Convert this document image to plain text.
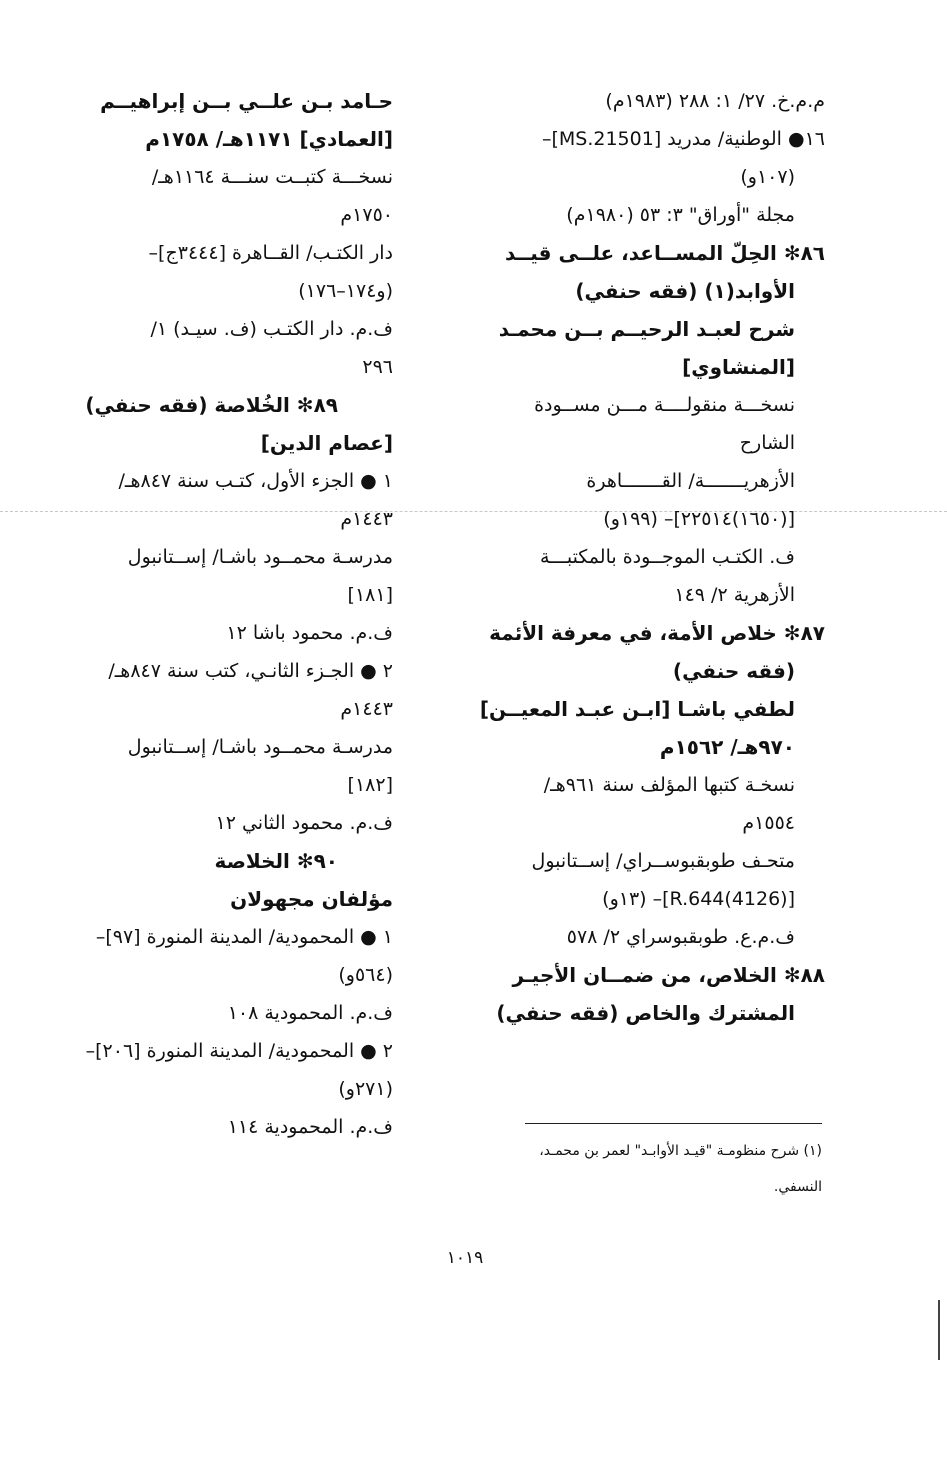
م.م.خ. ٢٧/ ١: ٢٨٨ (١٩٨٣م)
١٦● الوطنية/ مدريد [MS.21501]–
(١٠٧و)
مجلة "أوراق" ٣: ٥٣ (١٩٨٠م)
٨٦✻ الحِلّ المســاعد، علــى قيــد
الأوابد(١) (فقه حنفي)
شرح لعبـد الرحيــم بــن محمـد
[المنشاوي]
نسخـــة منقولــــة مـــن مســودة
الشارح
الأزهريـــــــة/ القـــــــاهرة
[(١٦٥٠)٢٢٥١٤]– (١٩٩و)
ف. الكتـب الموجــودة بالمكتبـــة
الأزهرية ٢/ ١٤٩
٨٧✻ خلاص الأمة، في معرفة الأئمة
(فقه حنفي)
لطفي باشـا [ابـن عبـد المعيــن]
٩٧٠هـ/ ١٥٦٢م
نسخـة كتبها المؤلف سنة ٩٦١هـ/
١٥٥٤م
متحـف طوبقبوســراي/ إســتانبول
[(4126)R.644]– (١٣و)
ف.م.ع. طوبقبوسراي ٢/ ٥٧٨
٨٨✻ الخلاص، من ضمــان الأجيـر
المشترك والخاص (فقه حنفي)
حـامد بـن علــي بــن إبراهيــم
[العمادي] ١١٧١هـ/ ١٧٥٨م
نسخـــة كتبــت سنـــة ١١٦٤هـ/
١٧٥٠م
دار الكتـب/ القــاهرة [٣٤٤٤ج]–
(و١٧٤–١٧٦)
ف.م. دار الكتـب (ف. سيـد) ١/
٢٩٦
٨٩✻ الخُلاصة (فقه حنفي)
[عصام الدين]
١ ● الجزء الأول، كتـب سنة ٨٤٧هـ/
١٤٤٣م
مدرسـة محمــود باشـا/ إســتانبول
[١٨١]
ف.م. محمود باشا ١٢
٢ ● الجـزء الثانـي، كتب سنة ٨٤٧هـ/
١٤٤٣م
مدرسـة محمــود باشـا/ إســتانبول
[١٨٢]
ف.م. محمود الثاني ١٢
٩٠✻ الخلاصة
مؤلفان مجهولان
١ ● المحمودية/ المدينة المنورة [٩٧]–
(٥٦٤و)
ف.م. المحمودية ١٠٨
٢ ● المحمودية/ المدينة المنورة [٢٠٦]–
(٢٧١و)
ف.م. المحمودية ١١٤
(١) شرح منظومـة "قيـد الأوابـد" لعمر بن محمـد،
النسفي.
١٠١٩
